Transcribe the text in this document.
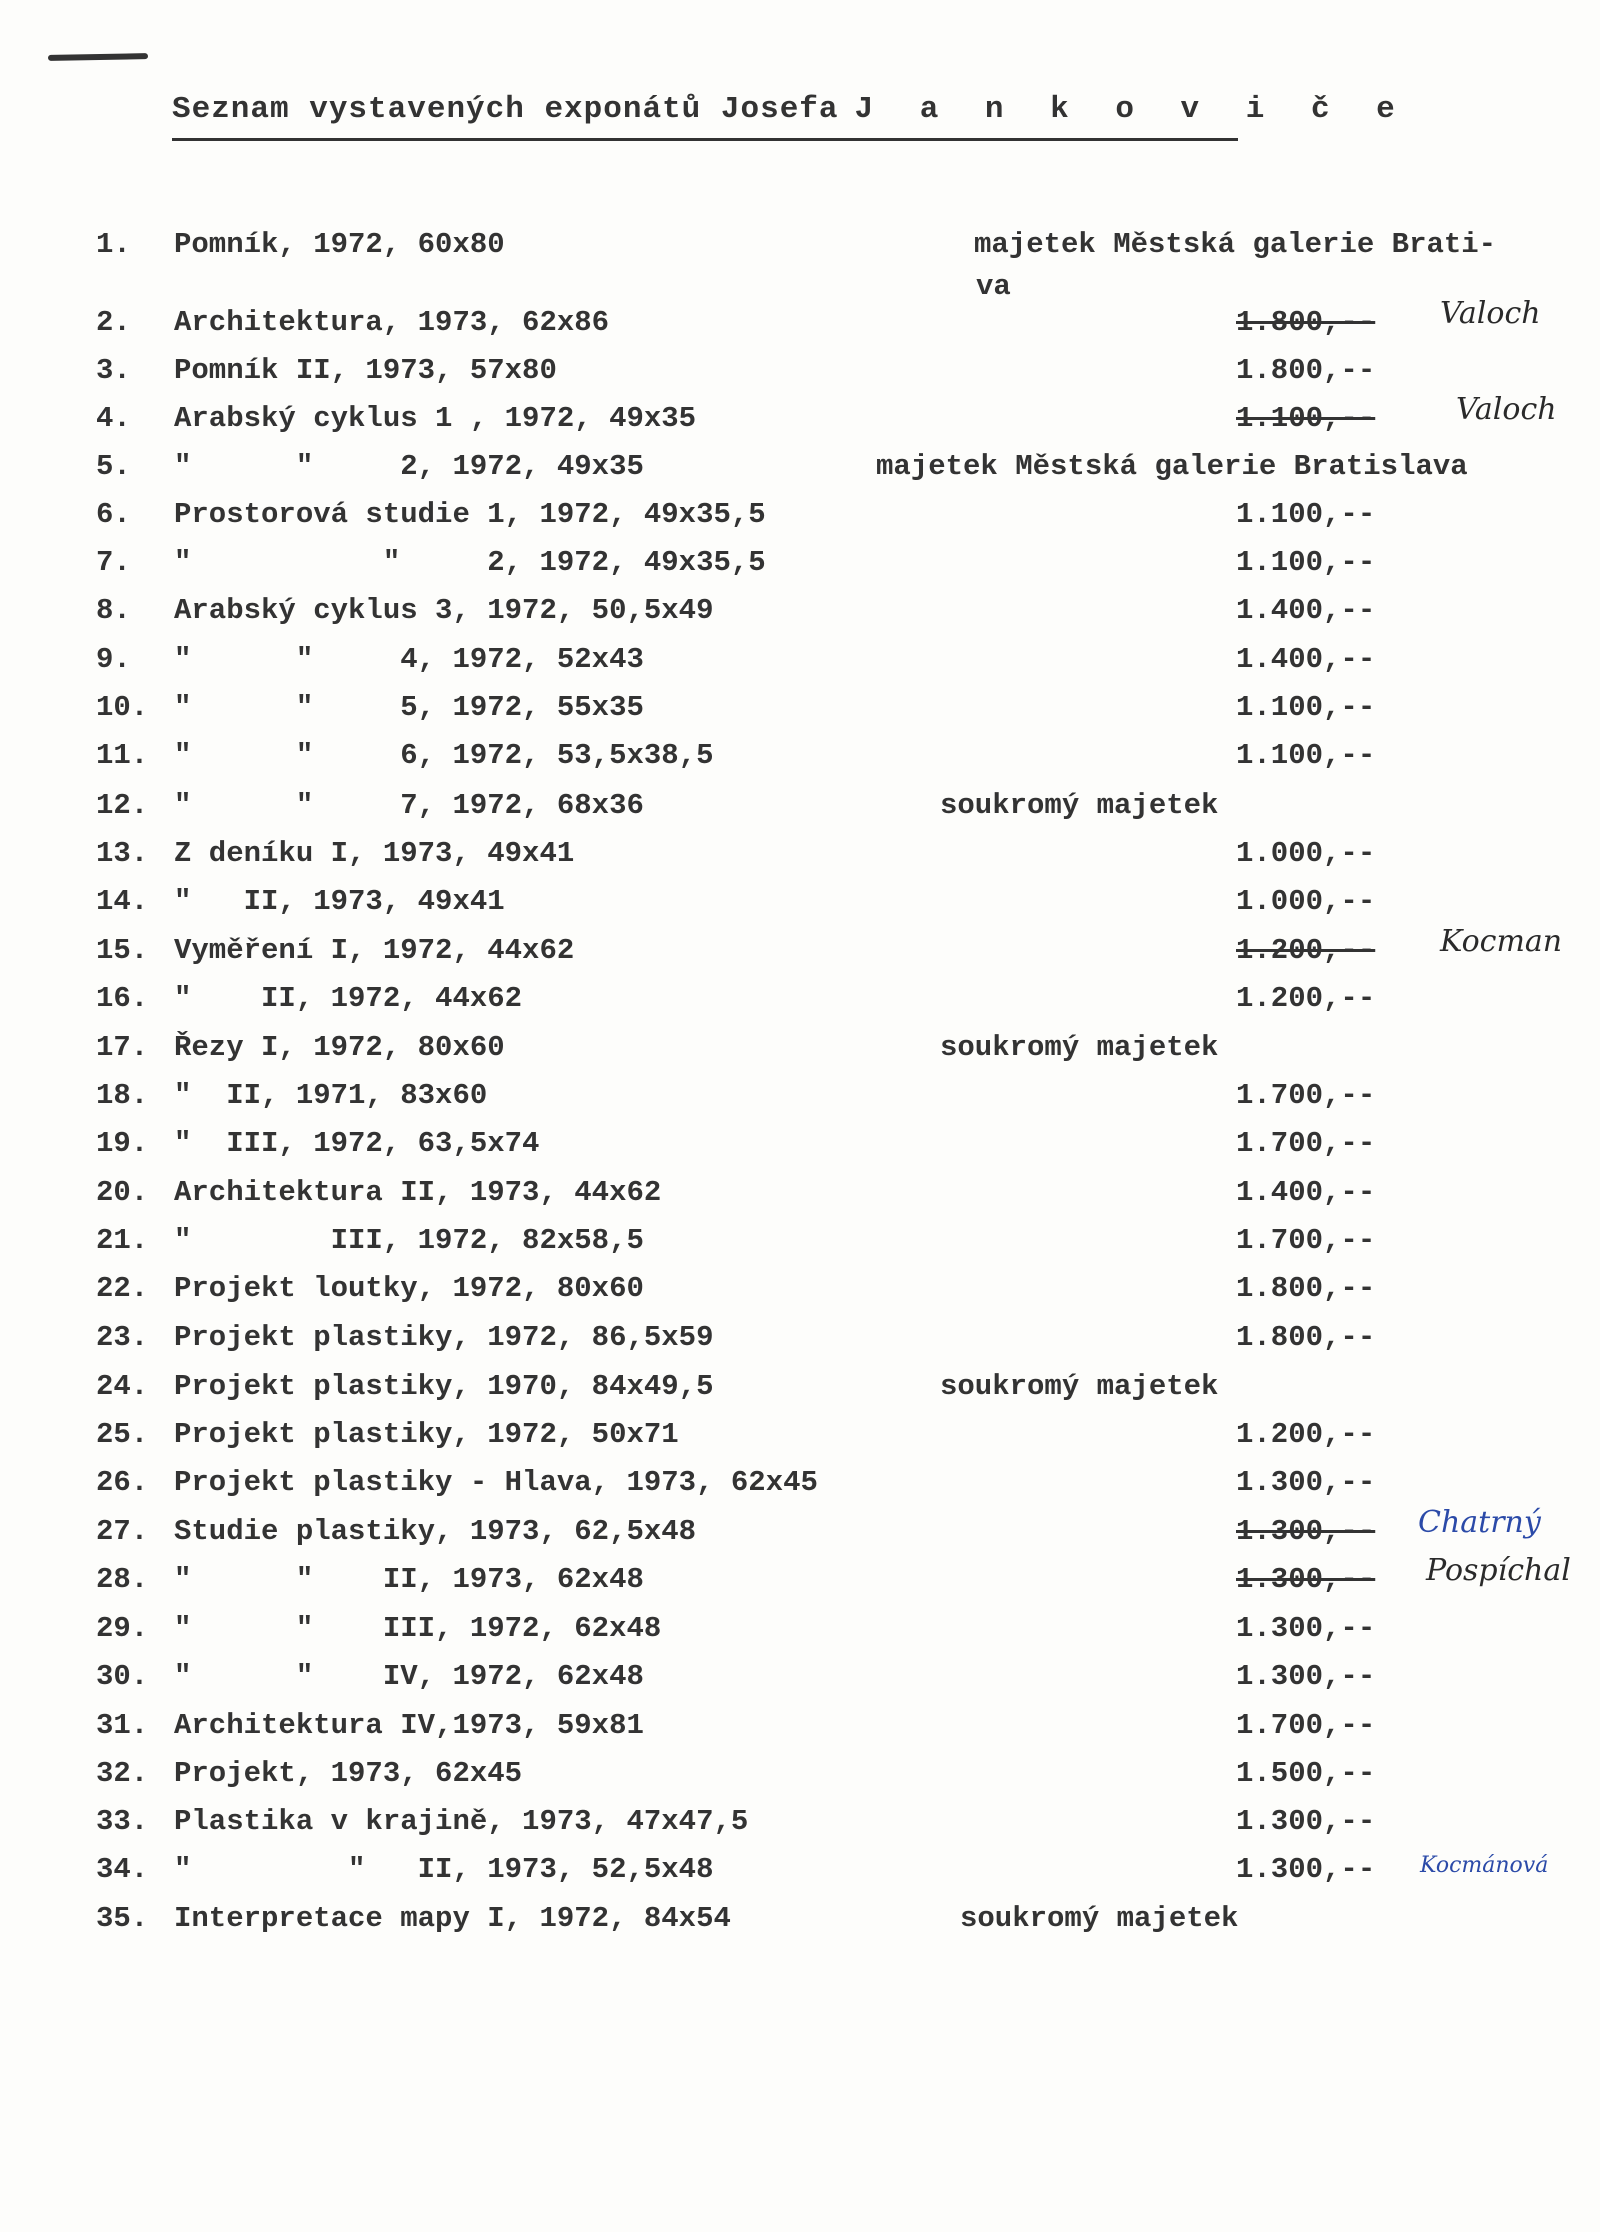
Seznam vystavených exponátů Josefa J a n k o v i č e
1. Pomník, 1972, 60x80	majetek Městská galerie Brati-
va
2. Architektura, 1973, 62x86	1.800,-- Valoch
3. Pomník II, 1973, 57x80	1.800,--
4. Arabský cyklus 1 , 1972, 49x35	1.100,--	Valoch
5. "      "     2, 1972, 49x35	majetek Městská galerie Bratislava
6. Prostorová studie 1, 1972, 49x35,5	1.100,--
7. "           "     2, 1972, 49x35,5	1.100,--
8. Arabský cyklus 3, 1972, 50,5x49	1.400,--
9. "      "     4, 1972, 52x43	1.400,--
10. "      "     5, 1972, 55x35	1.100,--
11. "      "     6, 1972, 53,5x38,5	1.100,--
12. "      "     7, 1972, 68x36	soukromý majetek
13. Z deníku I, 1973, 49x41	1.000,--
14. "   II, 1973, 49x41	1.000,--
15. Vyměření I, 1972, 44x62	1.200,-- Kocman
16. "    II, 1972, 44x62	1.200,--
17. Řezy I, 1972, 80x60	soukromý majetek
18. "  II, 1971, 83x60	1.700,--
19. "  III, 1972, 63,5x74	1.700,--
20. Architektura II, 1973, 44x62	1.400,--
21. "        III, 1972, 82x58,5	1.700,--
22. Projekt loutky, 1972, 80x60	1.800,--
23. Projekt plastiky, 1972, 86,5x59	1.800,--
24. Projekt plastiky, 1970, 84x49,5	soukromý majetek
25. Projekt plastiky, 1972, 50x71	1.200,--
26. Projekt plastiky - Hlava, 1973, 62x45	1.300,--
27. Studie plastiky, 1973, 62,5x48	1.300,-- Chatrný
28. "      "    II, 1973, 62x48	1.300,-- Pospíchal
29. "      "    III, 1972, 62x48	1.300,--
30. "      "    IV, 1972, 62x48	1.300,--
31. Architektura IV,1973, 59x81	1.700,--
32. Projekt, 1973, 62x45	1.500,--
33. Plastika v krajině, 1973, 47x47,5	1.300,--
34. "         "   II, 1973, 52,5x48	1.300,-- Kocmánová
35. Interpretace mapy I, 1972, 84x54	soukromý majetek
